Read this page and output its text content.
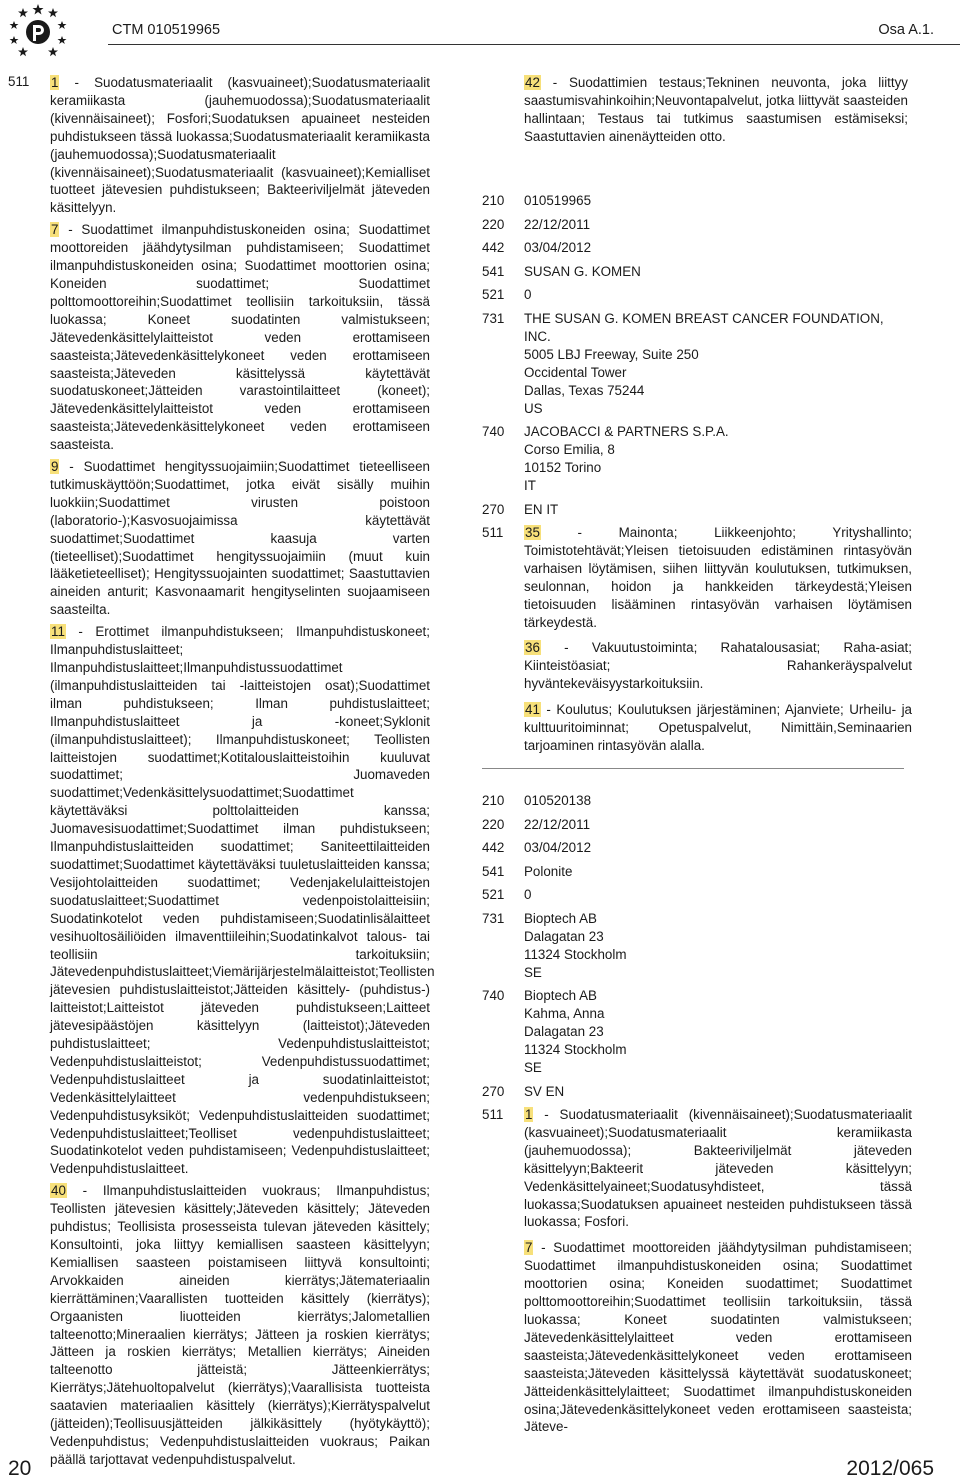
CTM 010519965	Osa A.1.
511 1 - Suodatusmateriaalit (kasvuaineet);Suodatusmateriaalit keramiikasta (jauhemuodossa);Suodatusmateriaalit (kivennäisaineet); Fosfori;Suodatuksen apuaineet nesteiden puhdistukseen tässä luokassa;Suodatusmateriaalit keramiikasta (jauhemuodossa);Suodatusmateriaalit (kivennäisaineet);Suodatusmateriaalit (kasvuaineet);Kemialliset tuotteet jätevesien puhdistukseen; Bakteeriviljelmät jäteveden käsittelyyn.

7 - Suodattimet ilmanpuhdistuskoneiden osina; Suodattimet moottoreiden jäähdytysilman puhdistamiseen; Suodattimet ilmanpuhdistuskoneiden osina; Suodattimet moottorien osina; Koneiden suodattimet; Suodattimet polttomoottoreihin;Suodattimet teollisiin tarkoituksiin, tässä luokassa; Koneet suodatinten valmistukseen; Jätevedenkäsittelylaitteistot veden erottamiseen saasteista;Jätevedenkäsittelykoneet veden erottamiseen saasteista;Jäteveden käsittelyssä käytettävät suodatuskoneet;Jätteiden varastointilaitteet (koneet); Jätevedenkäsittelylaitteistot veden erottamiseen saasteista;Jätevedenkäsittelykoneet veden erottamiseen saasteista.

9 - Suodattimet hengityssuojaimiin;Suodattimet tieteelliseen tutkimuskäyttöön;Suodattimet, jotka eivät sisälly muihin luokkiin;Suodattimet virusten poistoon (laboratorio-);Kasvosuojaimissa käytettävät suodattimet;Suodattimet kaasuja varten (tieteelliset);Suodattimet hengityssuojaimiin (muut kuin lääketieteelliset); Hengityssuojainten suodattimet; Saastuttavien aineiden anturit; Kasvonaamarit hengityselinten suojaamiseen saasteilta.

11 - Erottimet ilmanpuhdistukseen; Ilmanpuhdistuskoneet; Ilmanpuhdistuslaitteet; Ilmanpuhdistuslaitteet;Ilmanpuhdistussuodattimet (ilmanpuhdistuslaitteiden tai -laitteistojen osat);Suodattimet ilman puhdistukseen; Ilman puhdistuslaitteet; Ilmanpuhdistuslaitteet ja -koneet;Syklonit (ilmanpuhdistuslaitteet); Ilmanpuhdistuskoneet; Teollisten laitteistojen suodattimet;Kotitalouslaitteistoihin kuuluvat suodattimet; Juomaveden suodattimet;Vedenkäsittelysuodattimet;Suodattimet käytettäväksi polttolaitteiden kanssa; Juomavesisuodattimet;Suodattimet ilman puhdistukseen; Ilmanpuhdistuslaitteiden suodattimet; Saniteettilaitteiden suodattimet;Suodattimet käytettäväksi tuuletuslaitteiden kanssa; Vesijohtolaitteiden suodattimet; Vedenjakelulaitteistojen suodatuslaitteet;Suodattimet vedenpoistolaitteisiin; Suodatinkotelot veden puhdistamiseen;Suodatinlisälaitteet vesihuoltosäiliöiden ilmaventtiileihin;Suodatinkalvot talous- tai teollisiin tarkoituksiin; Jätevedenpuhdistuslaitteet;Viemärijärjestelmälaitteistot;Teollisten jätevesien puhdistuslaitteistot;Jätteiden käsittely- (puhdistus-) laitteistot;Laitteistot jäteveden puhdistukseen;Laitteet jätevesipäästöjen käsittelyyn (laitteistot);Jäteveden puhdistuslaitteet; Vedenpuhdistuslaitteistot; Vedenpuhdistuslaitteistot; Vedenpuhdistussuodattimet; Vedenpuhdistuslaitteet ja suodatinlaitteistot; Vedenkäsittelylaitteet vedenpuhdistukseen; Vedenpuhdistusyksiköt; Vedenpuhdistuslaitteiden suodattimet; Vedenpuhdistuslaitteet;Teolliset vedenpuhdistuslaitteet; Suodatinkotelot veden puhdistamiseen; Vedenpuhdistuslaitteet; Vedenpuhdistuslaitteet.

40 - Ilmanpuhdistuslaitteiden vuokraus; Ilmanpuhdistus; Teollisten jätevesien käsittely;Jäteveden käsittely; Jäteveden puhdistus; Teollisista prosesseista tulevan jäteveden käsittely; Konsultointi, joka liittyy kemiallisen saasteen käsittelyyn; Kemiallisen saasteen poistamiseen liittyvä konsultointi; Arvokkaiden aineiden kierrätys;Jätemateriaalin kierrättäminen;Vaarallisten tuotteiden käsittely (kierrätys); Orgaanisten liuotteiden kierrätys;Jalometallien talteenotto;Mineraalien kierrätys; Jätteen ja roskien kierrätys; Jätteen ja roskien kierrätys; Metallien kierrätys; Aineiden talteenotto jätteistä; Jätteenkierrätys; Kierrätys;Jätehuoltopalvelut (kierrätys);Vaarallisista tuotteista saatavien materiaalien käsittely (kierrätys);Kierrätyspalvelut (jätteiden);Teollisuusjätteiden jälkikäsittely (hyötykäyttö); Vedenpuhdistus; Vedenpuhdistuslaitteiden vuokraus; Paikan päällä tarjottavat vedenpuhdistuspalvelut.

42 - Suodattimien testaus;Tekninen neuvonta, joka liittyy saastumisvahinkoihin;Neuvontapalvelut, jotka liittyvät saasteiden hallintaan; Testaus tai tutkimus saastumisen estämiseksi; Saastuttavien ainenäytteiden otto.

210	010519965
220	22/12/2011
442	03/04/2012
541	SUSAN G. KOMEN
521	0
731	THE SUSAN G. KOMEN BREAST CANCER FOUNDATION, INC.
5005 LBJ Freeway, Suite 250
Occidental Tower
Dallas, Texas 75244
US
740	JACOBACCI & PARTNERS S.P.A.
Corso Emilia, 8
10152 Torino
IT
270	EN IT
511	35 - Mainonta; Liikkeenjohto; Yrityshallinto; Toimistotehtävät;Yleisen tietoisuuden edistäminen rintasyövän varhaisen löytämisen, siihen liittyvän koulutuksen, tutkimuksen, seulonnan, hoidon ja hankkeiden tärkeydestä;Yleisen tietoisuuden lisääminen rintasyövän varhaisen löytämisen tärkeydestä.

36 - Vakuutustoiminta; Rahatalousasiat; Raha-asiat; Kiinteistöasiat; Rahankeräyspalvelut hyväntekeväisyystarkoituksiin.

41 - Koulutus; Koulutuksen järjestäminen; Ajanviete; Urheilu- ja kulttuuritoiminnat; Opetuspalvelut, Nimittäin,Seminaarien tarjoaminen rintasyövän alalla.

210	010520138
220	22/12/2011
442	03/04/2012
541	Polonite
521	0
731	Bioptech AB
Dalagatan 23
11324 Stockholm
SE
740	Bioptech AB
Kahma, Anna
Dalagatan 23
11324 Stockholm
SE
270	SV EN
511	1 - Suodatusmateriaalit (kivennäisaineet);Suodatusmateriaalit (kasvuaineet);Suodatusmateriaalit keramiikasta (jauhemuodossa); Bakteeriviljelmät jäteveden käsittelyyn;Bakteerit jäteveden käsittelyyn; Vedenkäsittelyaineet;Suodatusyhdisteet, tässä luokassa;Suodatuksen apuaineet nesteiden puhdistukseen tässä luokassa; Fosfori.

7 - Suodattimet moottoreiden jäähdytysilman puhdistamiseen; Suodattimet ilmanpuhdistuskoneiden osina; Suodattimet moottorien osina; Koneiden suodattimet; Suodattimet polttomoottoreihin;Suodattimet teollisiin tarkoituksiin, tässä luokassa; Koneet suodatinten valmistukseen; Jätevedenkäsittelylaitteet veden erottamiseen saasteista;Jätevedenkäsittelykoneet veden erottamiseen saasteista;Jäteveden käsittelyssä käytettävät suodatuskoneet; Jätteidenkäsittelylaitteet; Suodattimet ilmanpuhdistuskoneiden osina;Jätevedenkäsittelykoneet veden erottamiseen saasteista; Jäteve-

20	2012/065
